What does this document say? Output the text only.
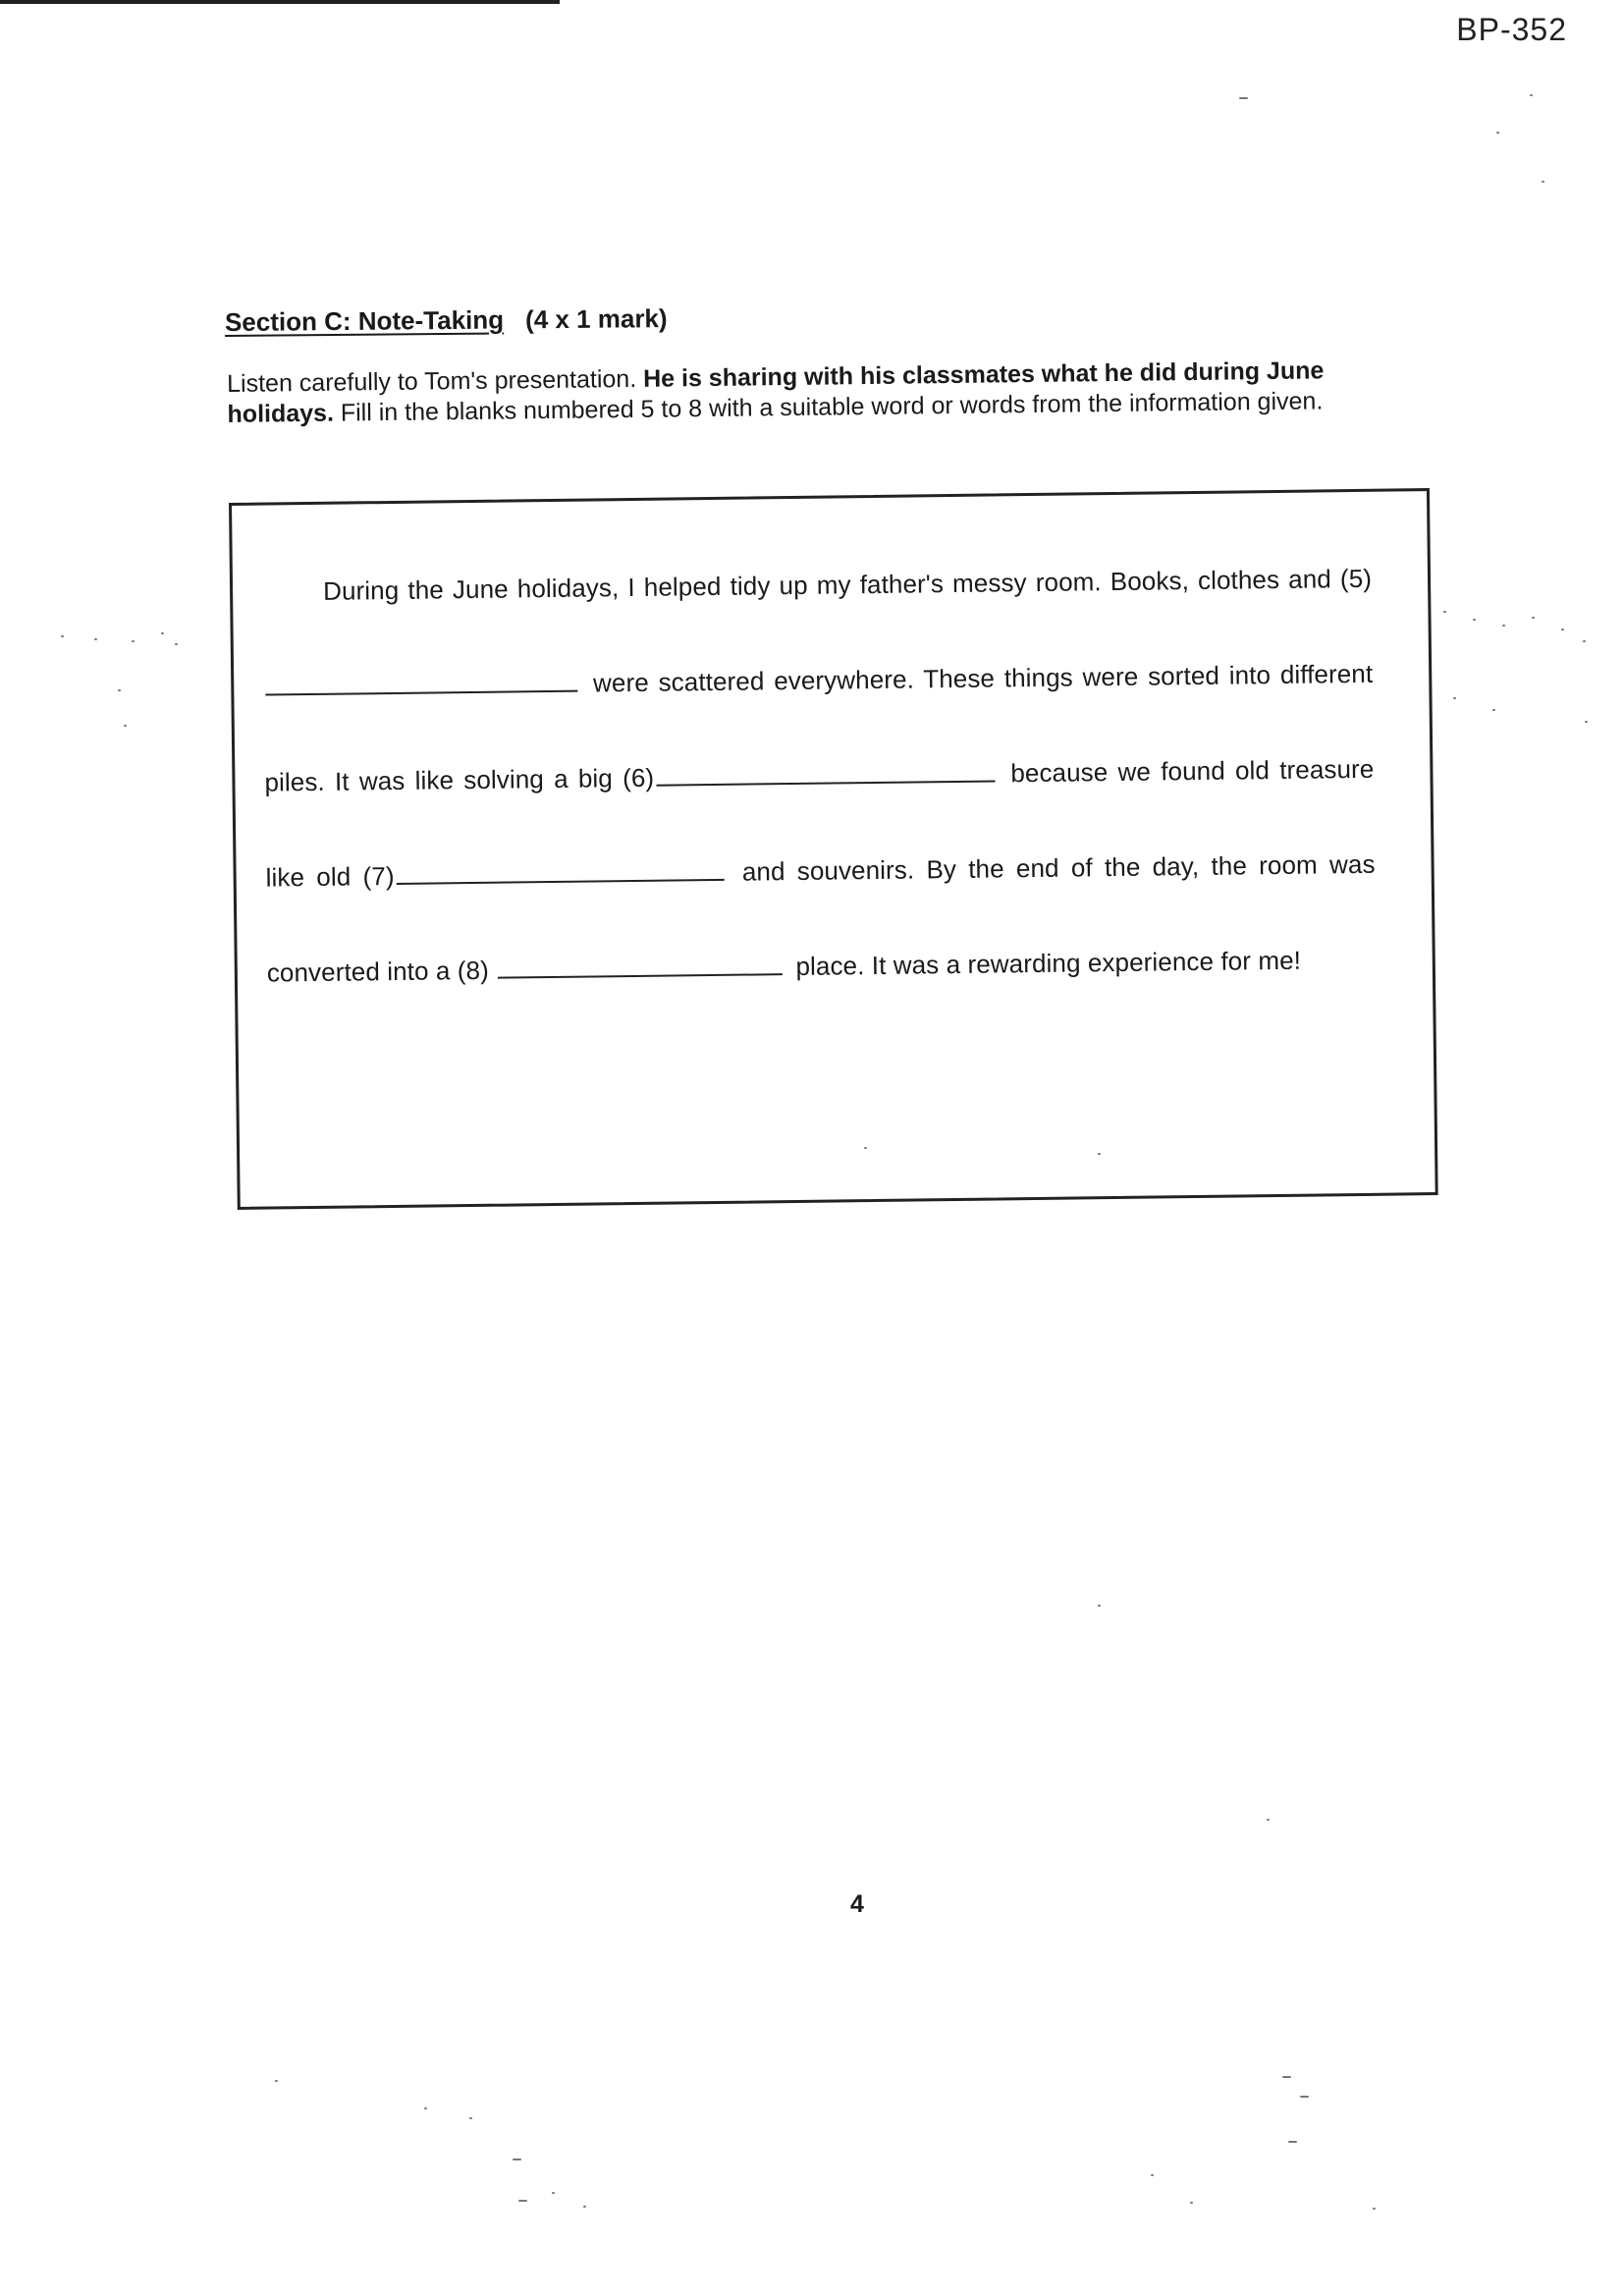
BP-352
Section C: Note-Taking (4 x 1 mark)
Listen carefully to Tom's presentation. He is sharing with his classmates what he did during June holidays. Fill in the blanks numbered 5 to 8 with a suitable word or words from the information given.
During the June holidays, I helped tidy up my father's messy room. Books, clothes and (5) were scattered everywhere. These things were sorted into different piles. It was like solving a big (6)	because we found old treasure like old (7)	and souvenirs. By the end of the day, the room was converted into a (8)	place. It was a rewarding experience for me!
4
